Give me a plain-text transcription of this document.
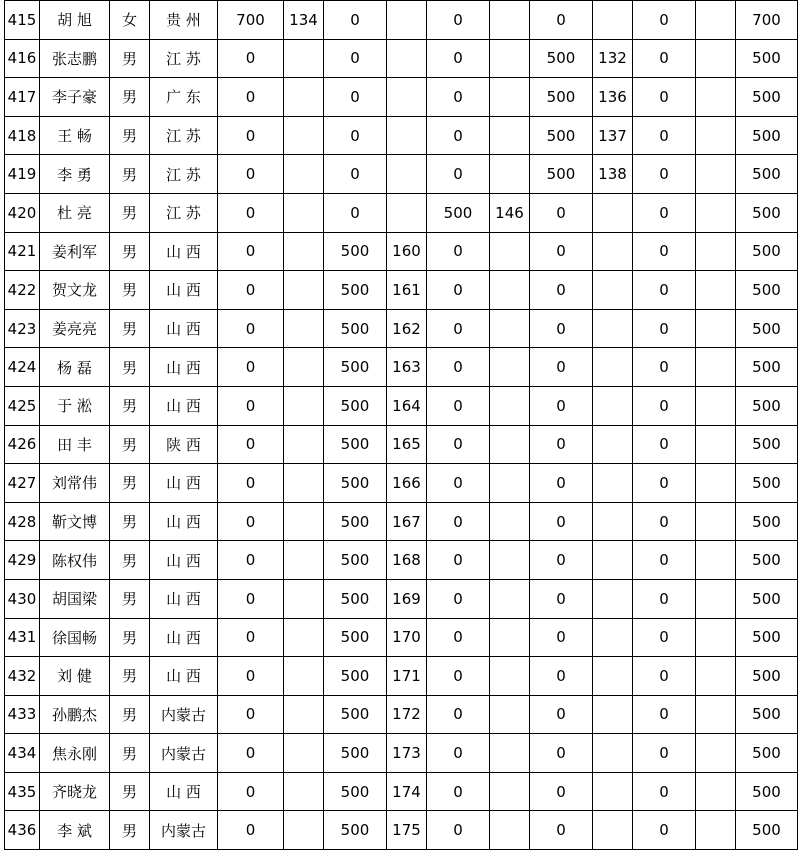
415	胡 旭	女	贵 州	700	134	0		0		0		0		700
416	张志鹏	男	江 苏	0		0		0		500	132	0		500
417	李子豪	男	广 东	0		0		0		500	136	0		500
418	王 畅	男	江 苏	0		0		0		500	137	0		500
419	李 勇	男	江 苏	0		0		0		500	138	0		500
420	杜 亮	男	江 苏	0		0		500	146	0		0		500
421	姜利军	男	山 西	0		500	160	0		0		0		500
422	贺文龙	男	山 西	0		500	161	0		0		0		500
423	姜亮亮	男	山 西	0		500	162	0		0		0		500
424	杨 磊	男	山 西	0		500	163	0		0		0		500
425	于 淞	男	山 西	0		500	164	0		0		0		500
426	田 丰	男	陕 西	0		500	165	0		0		0		500
427	刘常伟	男	山 西	0		500	166	0		0		0		500
428	靳文博	男	山 西	0		500	167	0		0		0		500
429	陈权伟	男	山 西	0		500	168	0		0		0		500
430	胡国梁	男	山 西	0		500	169	0		0		0		500
431	徐国畅	男	山 西	0		500	170	0		0		0		500
432	刘 健	男	山 西	0		500	171	0		0		0		500
433	孙鹏杰	男	内蒙古	0		500	172	0		0		0		500
434	焦永刚	男	内蒙古	0		500	173	0		0		0		500
435	齐晓龙	男	山 西	0		500	174	0		0		0		500
436	李 斌	男	内蒙古	0		500	175	0		0		0		500
